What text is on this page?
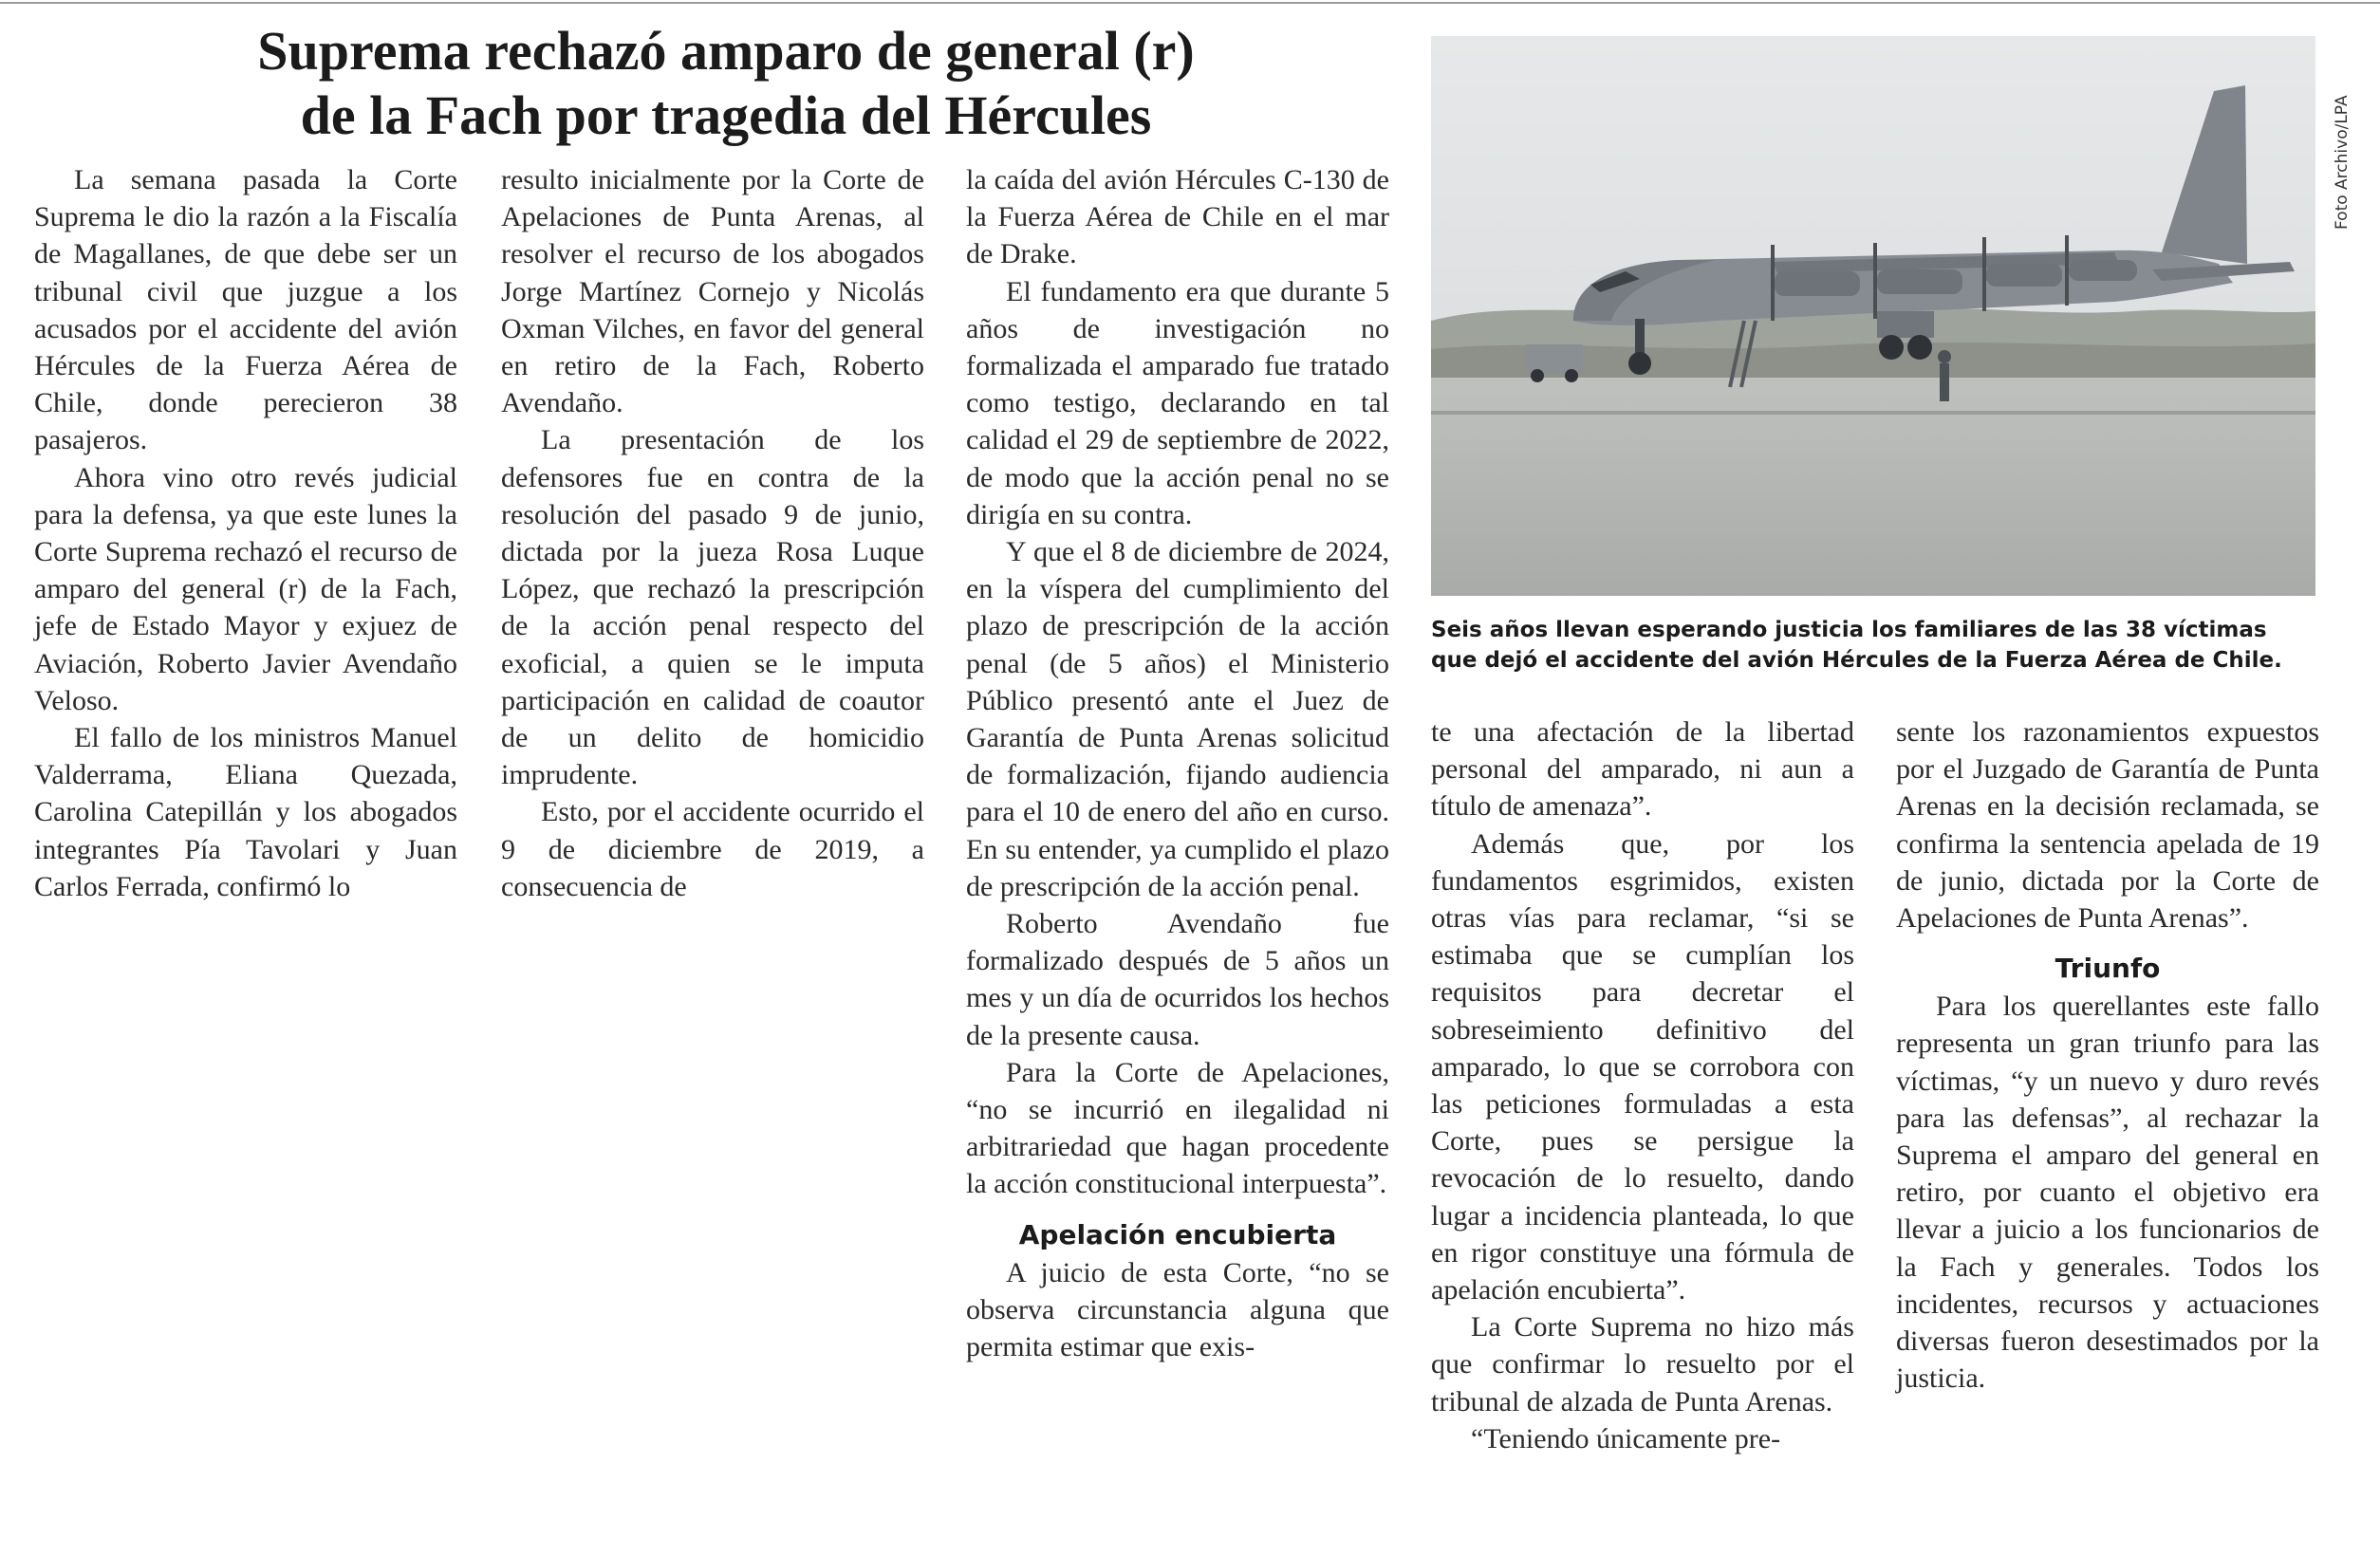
Suprema rechazó amparo de general (r)
de la Fach por tragedia del Hércules

La semana pasada la Corte Suprema le dio la razón a la Fiscalía de Magallanes, de que debe ser un tribunal civil que juzgue a los acusados por el accidente del avión Hércules de la Fuerza Aérea de Chile, donde perecieron 38 pasajeros.

Ahora vino otro revés judicial para la defensa, ya que este lunes la Corte Suprema rechazó el recurso de amparo del general (r) de la Fach, jefe de Estado Mayor y exjuez de Aviación, Roberto Javier Avendaño Veloso.

El fallo de los ministros Manuel Valderrama, Eliana Quezada, Carolina Catepillán y los abogados integrantes Pía Tavolari y Juan Carlos Ferrada, confirmó lo

resulto inicialmente por la Corte de Apelaciones de Punta Arenas, al resolver el recurso de los abogados Jorge Martínez Cornejo y Nicolás Oxman Vilches, en favor del general en retiro de la Fach, Roberto Avendaño.

La presentación de los defensores fue en contra de la resolución del pasado 9 de junio, dictada por la jueza Rosa Luque López, que rechazó la prescripción de la acción penal respecto del exoficial, a quien se le imputa participación en calidad de coautor de un delito de homicidio imprudente.

Esto, por el accidente ocurrido el 9 de diciembre de 2019, a consecuencia de

la caída del avión Hércules C-130 de la Fuerza Aérea de Chile en el mar de Drake.

El fundamento era que durante 5 años de investigación no formalizada el amparado fue tratado como testigo, declarando en tal calidad el 29 de septiembre de 2022, de modo que la acción penal no se dirigía en su contra.

Y que el 8 de diciembre de 2024, en la víspera del cumplimiento del plazo de prescripción de la acción penal (de 5 años) el Ministerio Público presentó ante el Juez de Garantía de Punta Arenas solicitud de formalización, fijando audiencia para el 10 de enero del año en curso. En su entender, ya cumplido el plazo de prescripción de la acción penal.

Roberto Avendaño fue formalizado después de 5 años un mes y un día de ocurridos los hechos de la presente causa.

Para la Corte de Apelaciones, “no se incurrió en ilegalidad ni arbitrariedad que hagan procedente la acción constitucional interpuesta”.

Apelación encubierta

A juicio de esta Corte, “no se observa circunstancia alguna que permita estimar que exis-

Foto Archivo/LPA
Seis años llevan esperando justicia los familiares de las 38 víctimas que dejó el accidente del avión Hércules de la Fuerza Aérea de Chile.

te una afectación de la libertad personal del amparado, ni aun a título de amenaza”.

Además que, por los fundamentos esgrimidos, existen otras vías para reclamar, “si se estimaba que se cumplían los requisitos para decretar el sobreseimiento definitivo del amparado, lo que se corrobora con las peticiones formuladas a esta Corte, pues se persigue la revocación de lo resuelto, dando lugar a incidencia planteada, lo que en rigor constituye una fórmula de apelación encubierta”.

La Corte Suprema no hizo más que confirmar lo resuelto por el tribunal de alzada de Punta Arenas.

“Teniendo únicamente pre-

sente los razonamientos expuestos por el Juzgado de Garantía de Punta Arenas en la decisión reclamada, se confirma la sentencia apelada de 19 de junio, dictada por la Corte de Apelaciones de Punta Arenas”.

Triunfo

Para los querellantes este fallo representa un gran triunfo para las víctimas, “y un nuevo y duro revés para las defensas”, al rechazar la Suprema el amparo del general en retiro, por cuanto el objetivo era llevar a juicio a los funcionarios de la Fach y generales. Todos los incidentes, recursos y actuaciones diversas fueron desestimados por la justicia.
